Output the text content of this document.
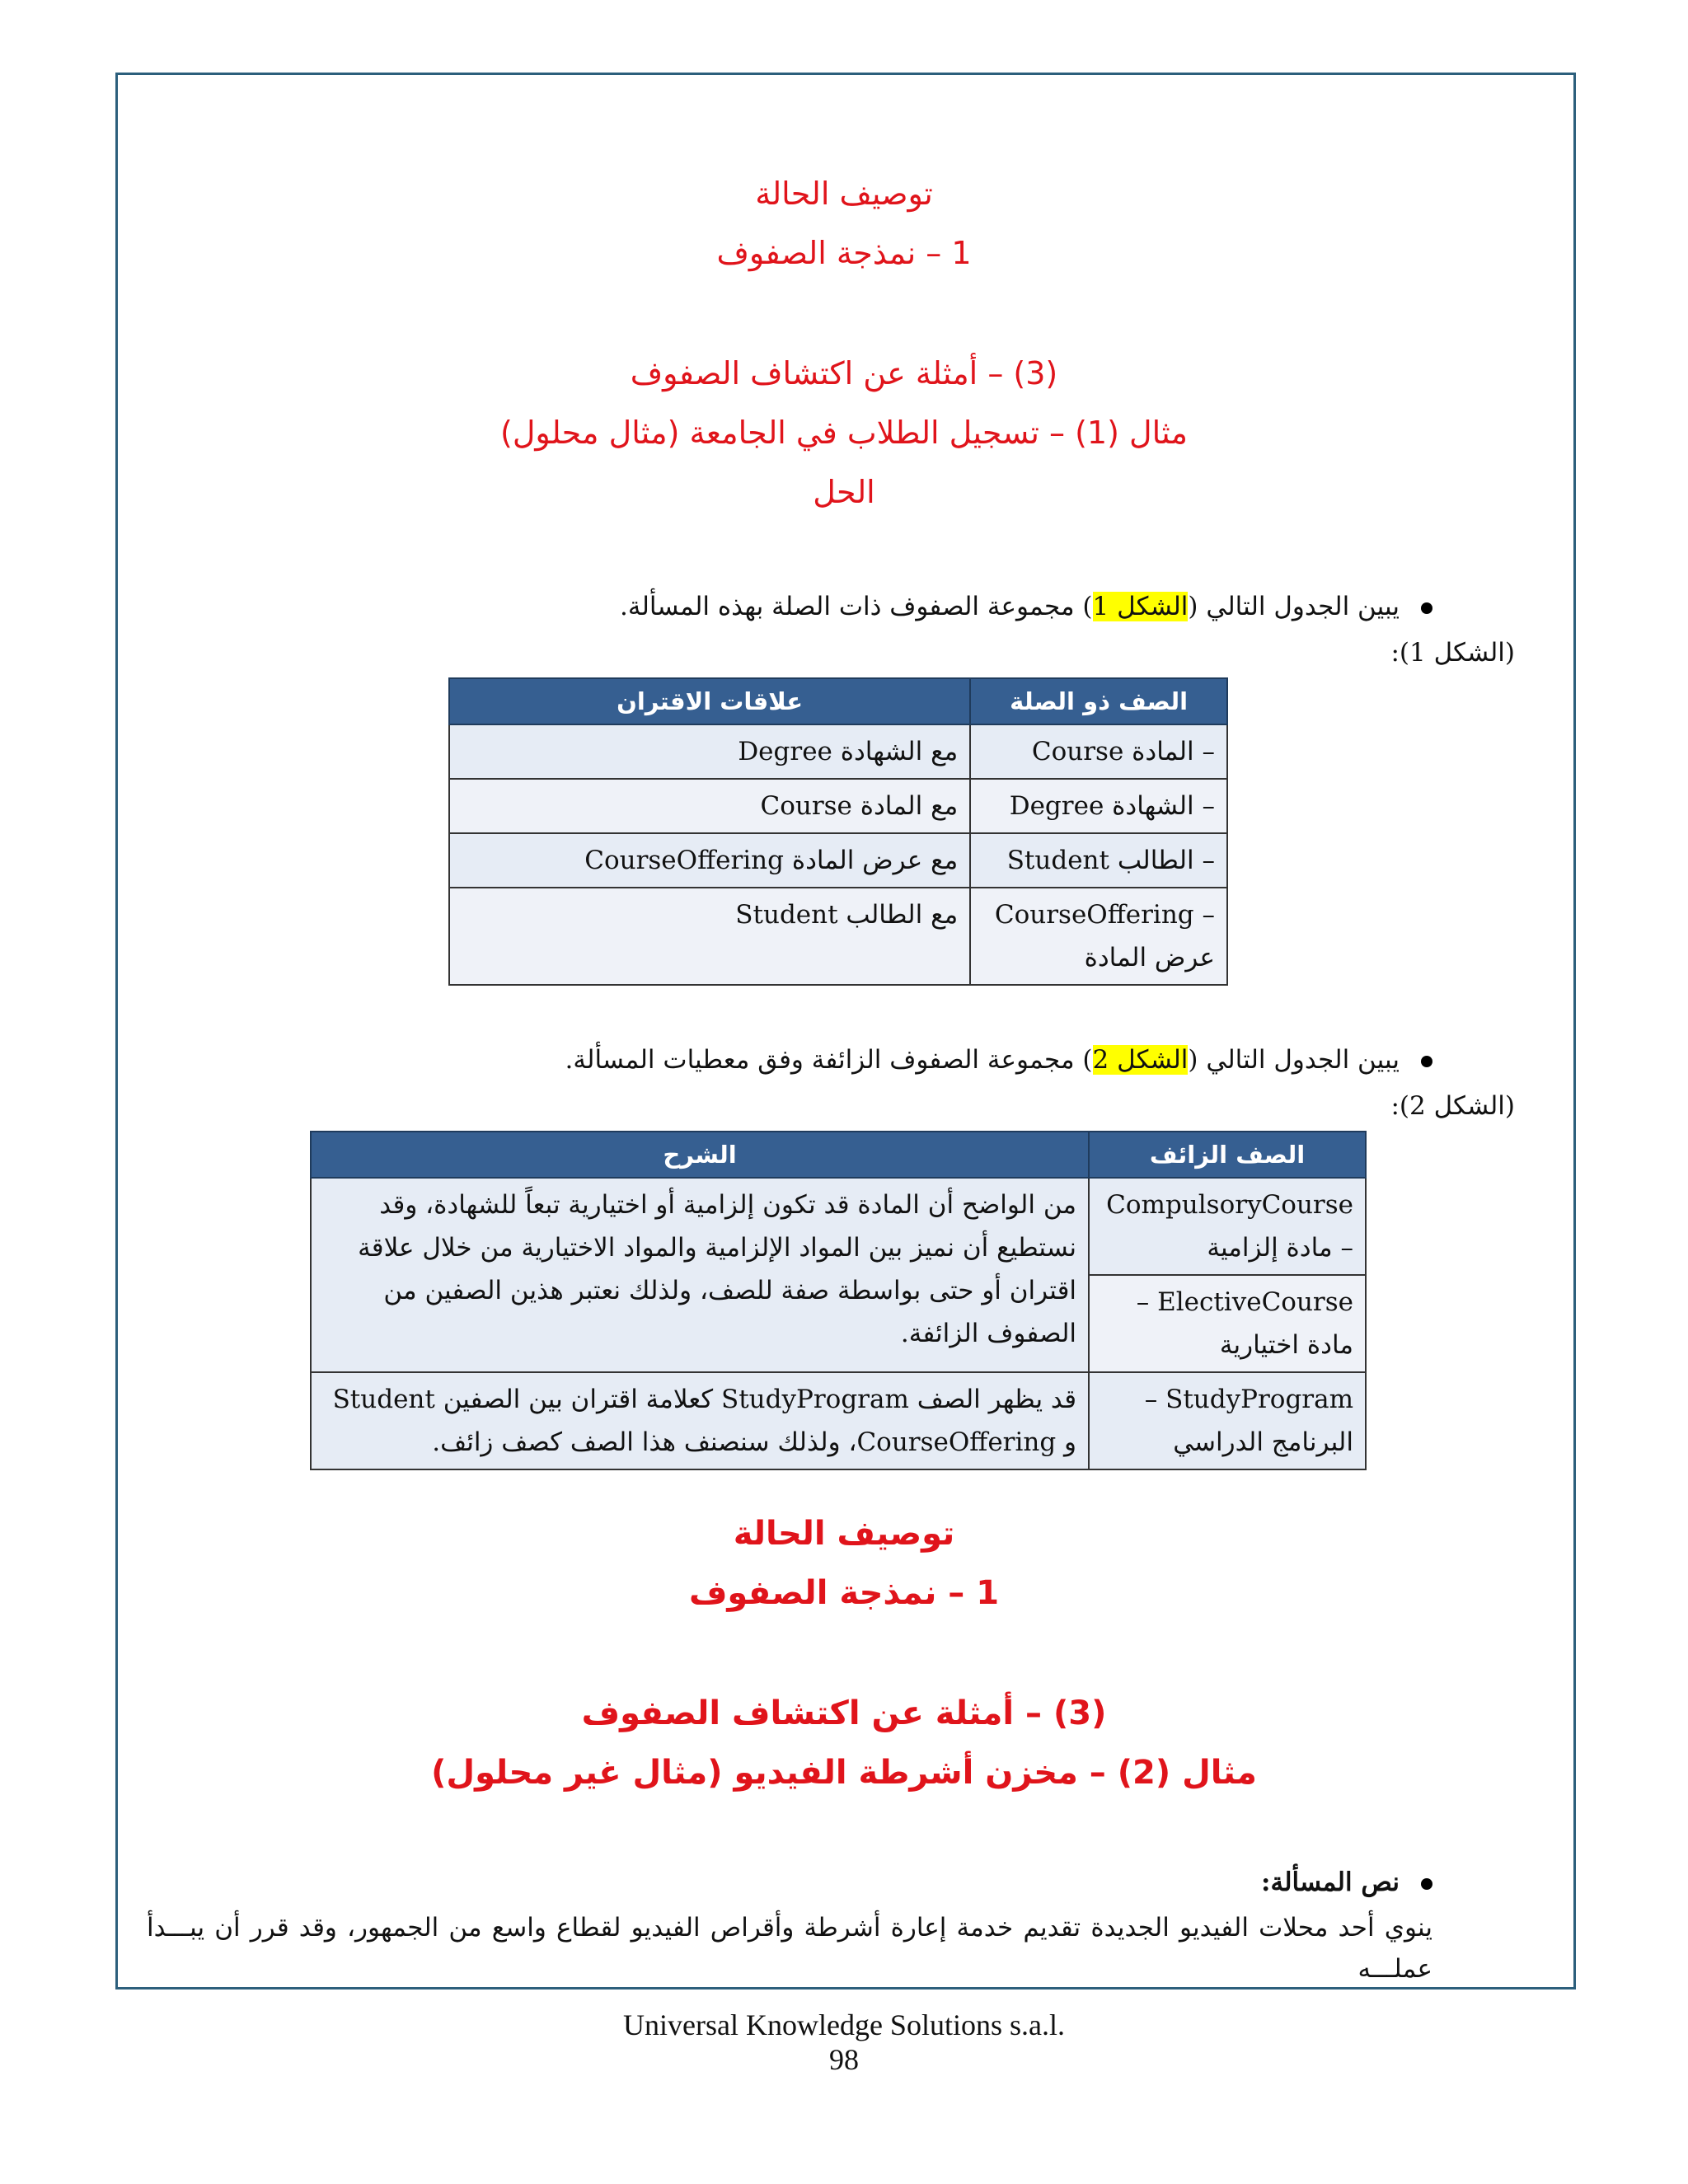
توصيف الحالة
1 – نمذجة الصفوف
(3) – أمثلة عن اكتشاف الصفوف
مثال (1) – تسجيل الطلاب في الجامعة (مثال محلول)
الحل
يبين الجدول التالي (الشكل 1) مجموعة الصفوف ذات الصلة بهذه المسألة.
(الشكل 1):
الصف ذو الصلة	علاقات الاقتران
– المادة Course	مع الشهادة Degree
– الشهادة Degree	مع المادة Course
– الطالب Student	مع عرض المادة CourseOffering
– CourseOffering عرض المادة	مع الطالب Student
يبين الجدول التالي (الشكل 2) مجموعة الصفوف الزائفة وفق معطيات المسألة.
(الشكل 2):
الصف الزائف	الشرح
CompulsoryCourse – مادة إلزامية	من الواضح أن المادة قد تكون إلزامية أو اختيارية تبعاً للشهادة، وقد نستطيع أن نميز بين المواد الإلزامية والمواد الاختيارية من خلال علاقة اقتران أو حتى بواسطة صفة للصف، ولذلك نعتبر هذين الصفين من الصفوف الزائفة.
ElectiveCourse – مادة اختيارية	
StudyProgram – البرنامج الدراسي	قد يظهر الصف StudyProgram كعلامة اقتران بين الصفين Student و CourseOffering، ولذلك سنصنف هذا الصف كصف زائف.
توصيف الحالة
1 – نمذجة الصفوف
(3) – أمثلة عن اكتشاف الصفوف
مثال (2) – مخزن أشرطة الفيديو (مثال غير محلول)
نص المسألة:
ينوي أحد محلات الفيديو الجديدة تقديم خدمة إعارة أشرطة وأقراص الفيديو لقطاع واسع من الجمهور، وقد قرر أن يبـــدأ عملـــه
Universal Knowledge Solutions s.a.l.
98
